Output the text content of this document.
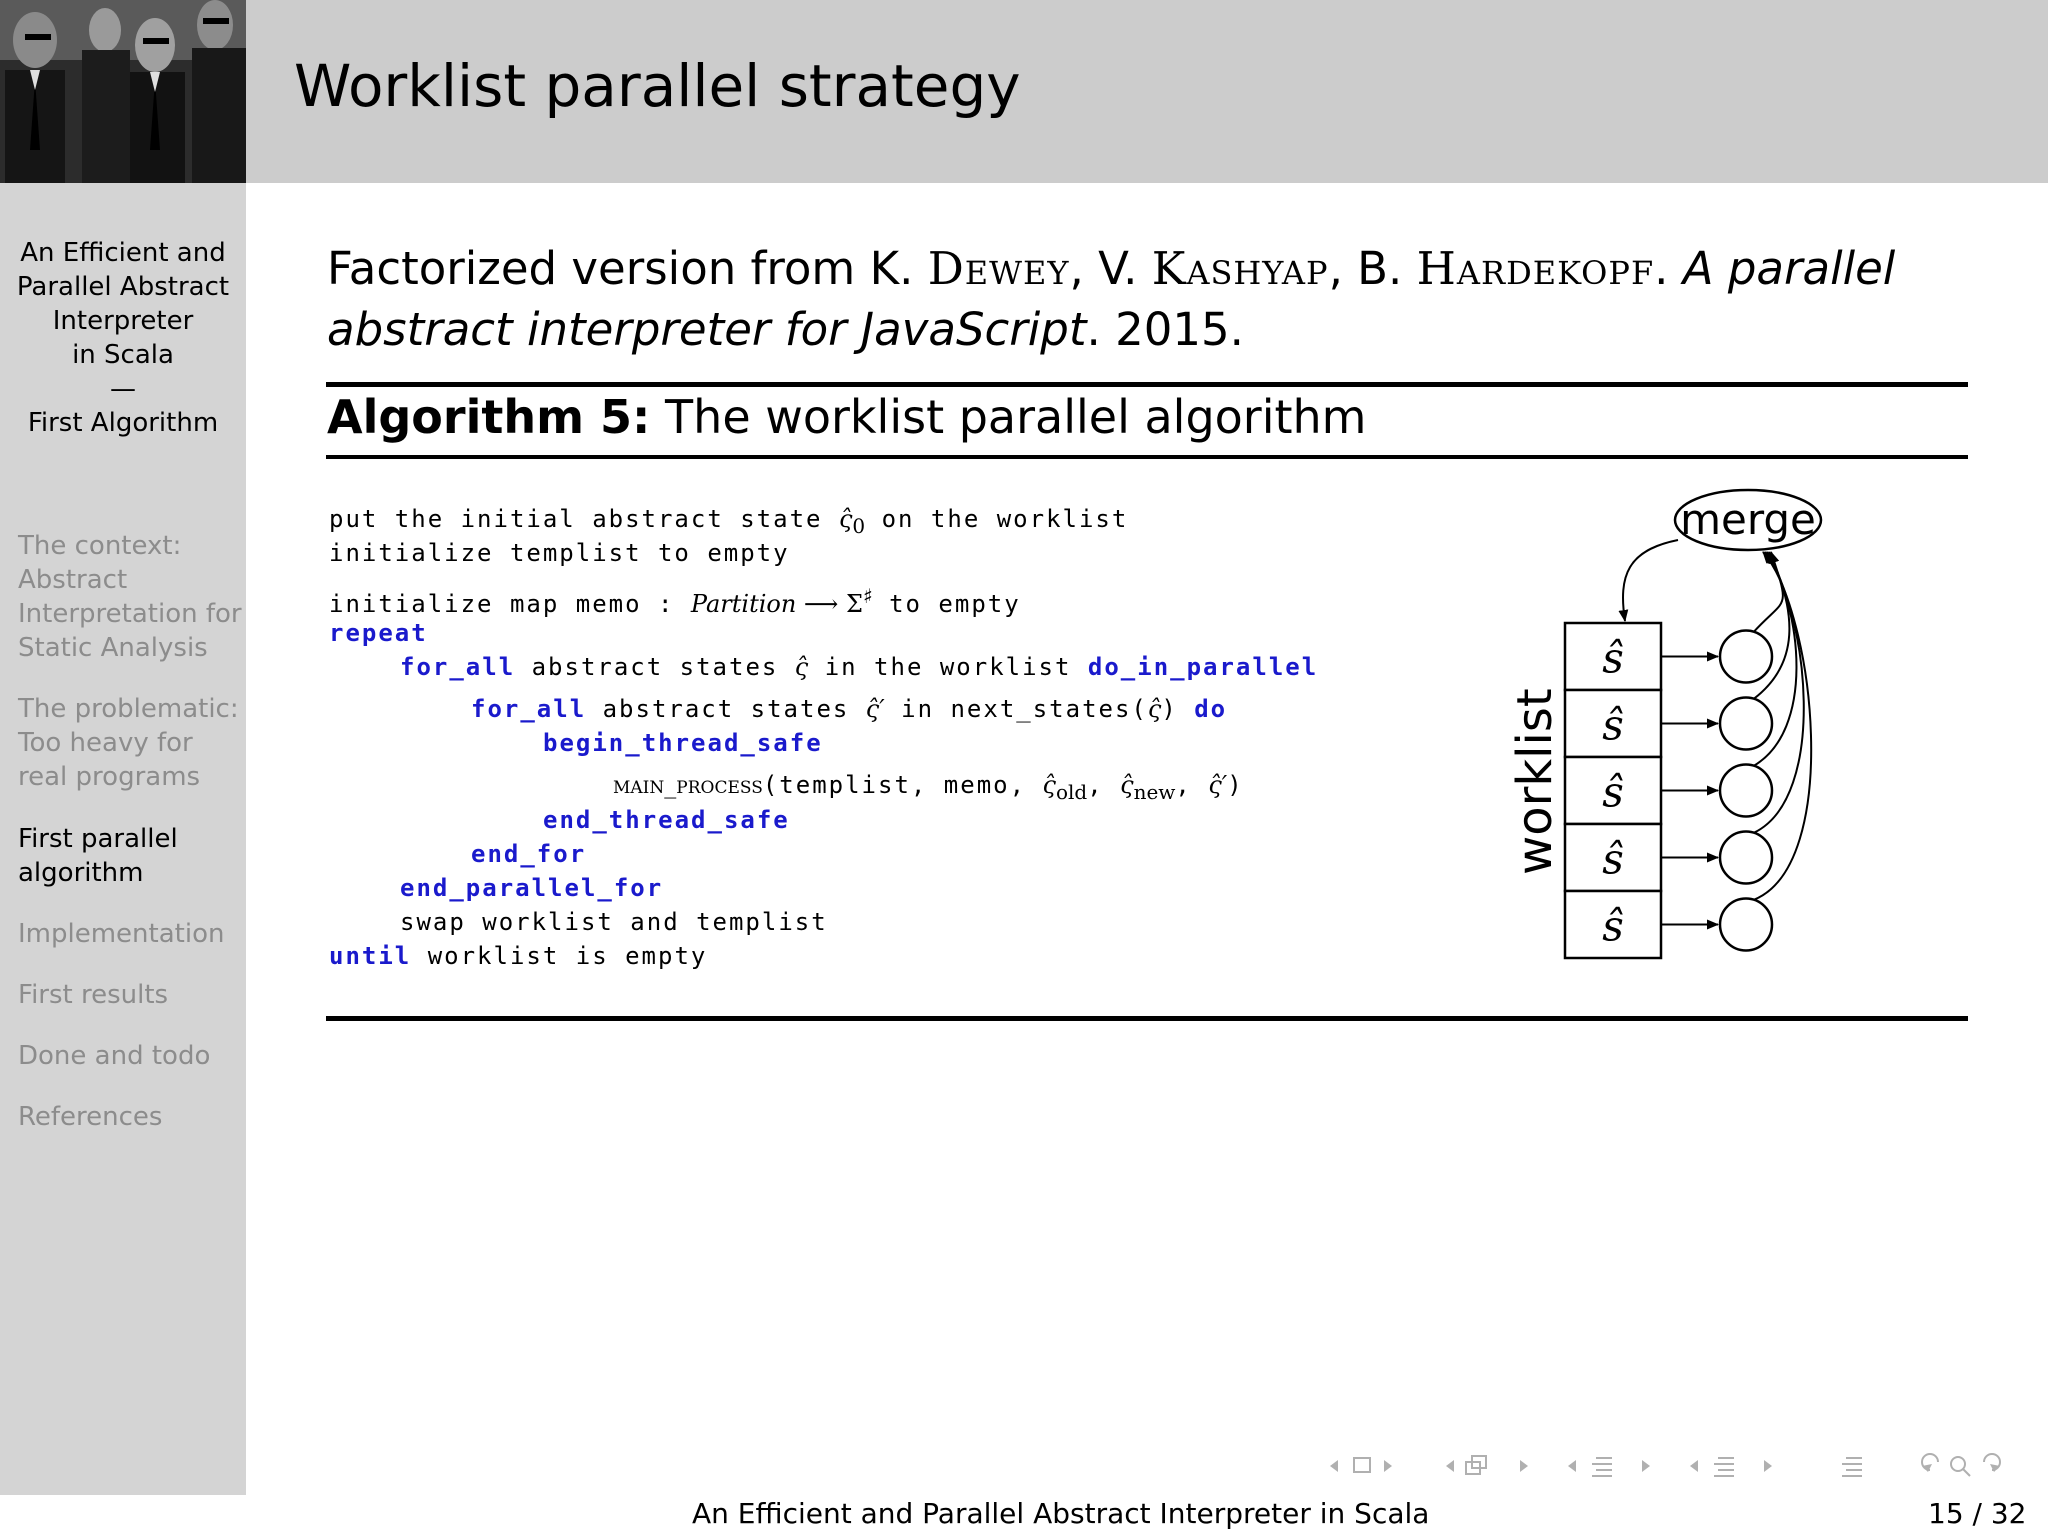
An Efficient and
Parallel Abstract
Interpreter
in Scala
—
First Algorithm
The context:
Abstract
Interpretation for
Static Analysis
The problematic:
Too heavy for
real programs
First parallel
algorithm
Implementation
First results
Done and todo
References
Worklist parallel strategy
Factorized version from K. Dewey, V. Kashyap, B. Hardekopf. A parallel abstract interpreter for JavaScript. 2015.
Algorithm 5: The worklist parallel algorithm
put the initial abstract state $\varsigmâ_0$ on the worklist
initialize templist to empty
initialize map memo : Partition ⟶ Σ♯ to empty
repeat
for_all abstract states ς̂ in the worklist do_in_parallel
for_all abstract states ς̂′ in next_states(ς̂) do
begin_thread_safe
main_process(templist, memo, $\varsigmâ_{old}$, $\varsigmâ_{new}$, ς̂′)
end_thread_safe
end_for
end_parallel_for
swap worklist and templist
until worklist is empty
merge
worklist
ŝ
ŝ
ŝ
ŝ
ŝ
An Efficient and Parallel Abstract Interpreter in Scala	15 / 32
